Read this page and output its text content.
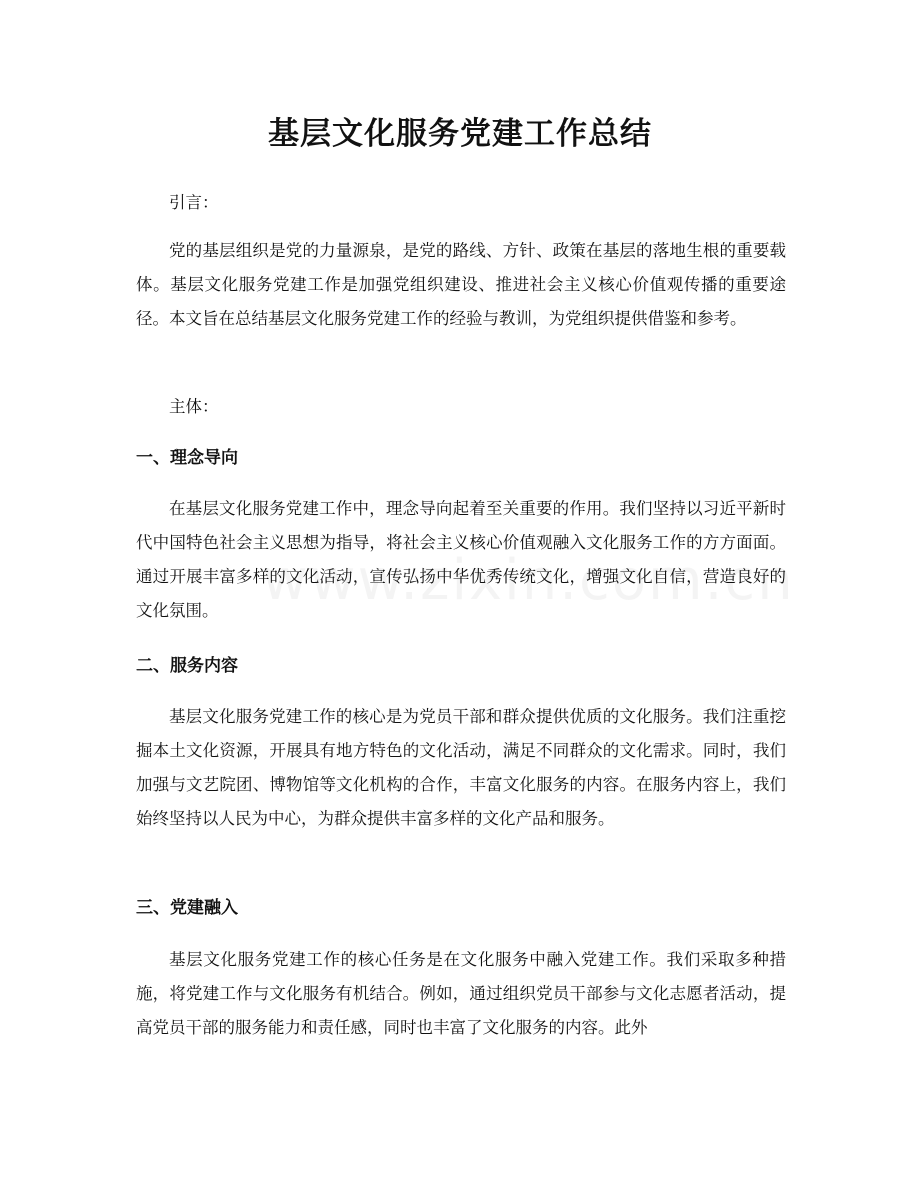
基层文化服务党建工作总结

引言：

党的基层组织是党的力量源泉，是党的路线、方针、政策在基层的落地生根的重要载体。基层文化服务党建工作是加强党组织建设、推进社会主义核心价值观传播的重要途径。本文旨在总结基层文化服务党建工作的经验与教训，为党组织提供借鉴和参考。

主体：

一、理念导向

在基层文化服务党建工作中，理念导向起着至关重要的作用。我们坚持以习近平新时代中国特色社会主义思想为指导，将社会主义核心价值观融入文化服务工作的方方面面。通过开展丰富多样的文化活动，宣传弘扬中华优秀传统文化，增强文化自信，营造良好的文化氛围。

二、服务内容

基层文化服务党建工作的核心是为党员干部和群众提供优质的文化服务。我们注重挖掘本土文化资源，开展具有地方特色的文化活动，满足不同群众的文化需求。同时，我们加强与文艺院团、博物馆等文化机构的合作，丰富文化服务的内容。在服务内容上，我们始终坚持以人民为中心，为群众提供丰富多样的文化产品和服务。

三、党建融入

基层文化服务党建工作的核心任务是在文化服务中融入党建工作。我们采取多种措施，将党建工作与文化服务有机结合。例如，通过组织党员干部参与文化志愿者活动，提高党员干部的服务能力和责任感，同时也丰富了文化服务的内容。此外
